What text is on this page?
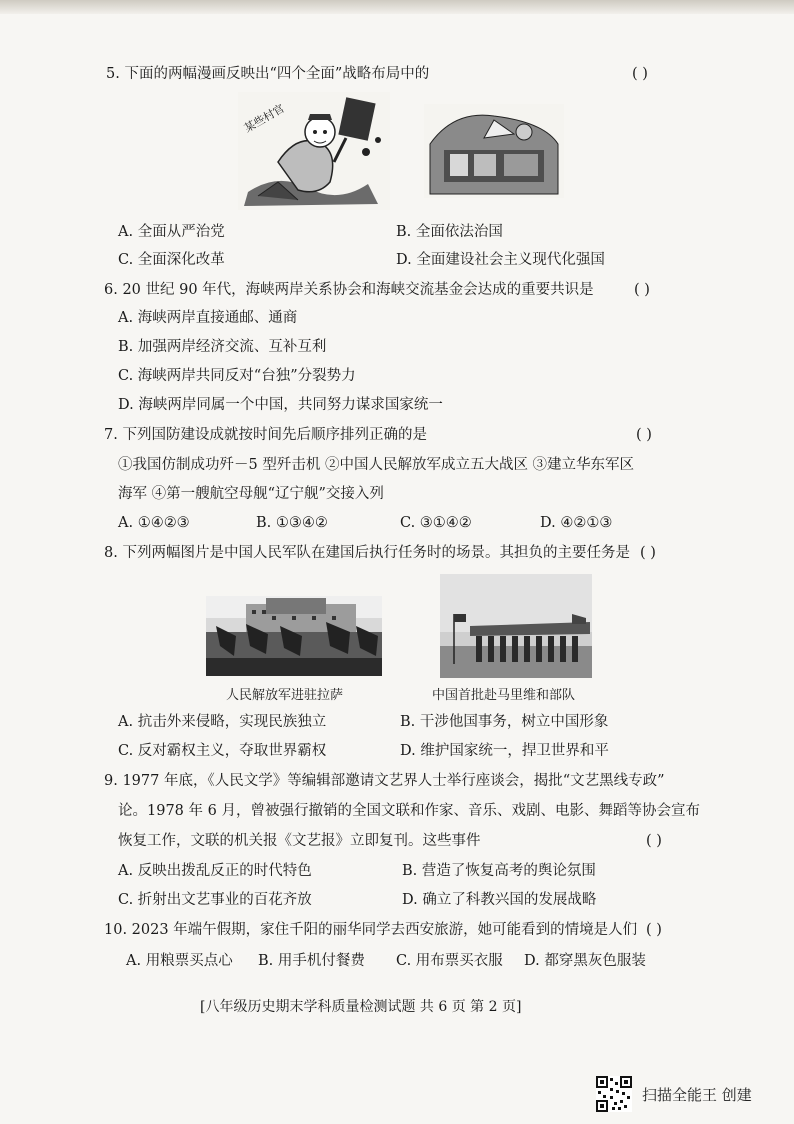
5. 下面的两幅漫画反映出“四个全面”战略布局中的	( )
某些村官
A. 全面从严治党	B. 全面依法治国
C. 全面深化改革	D. 全面建设社会主义现代化强国
6. 20 世纪 90 年代，海峡两岸关系协会和海峡交流基金会达成的重要共识是	( )
A. 海峡两岸直接通邮、通商
B. 加强两岸经济交流、互补互利
C. 海峡两岸共同反对“台独”分裂势力
D. 海峡两岸同属一个中国，共同努力谋求国家统一
7. 下列国防建设成就按时间先后顺序排列正确的是	( )
①我国仿制成功歼－5 型歼击机 ②中国人民解放军成立五大战区 ③建立华东军区
海军 ④第一艘航空母舰“辽宁舰”交接入列
A. ①④②③	B. ①③④②	C. ③①④②	D. ④②①③
8. 下列两幅图片是中国人民军队在建国后执行任务时的场景。其担负的主要任务是 ( )
人民解放军进驻拉萨	中国首批赴马里维和部队
A. 抗击外来侵略，实现民族独立	B. 干涉他国事务，树立中国形象
C. 反对霸权主义，夺取世界霸权	D. 维护国家统一，捍卫世界和平
9. 1977 年底，《人民文学》等编辑部邀请文艺界人士举行座谈会，揭批“文艺黑线专政”
论。1978 年 6 月，曾被强行撤销的全国文联和作家、音乐、戏剧、电影、舞蹈等协会宣布
恢复工作，文联的机关报《文艺报》立即复刊。这些事件	( )
A. 反映出拨乱反正的时代特色	B. 营造了恢复高考的舆论氛围
C. 折射出文艺事业的百花齐放	D. 确立了科教兴国的发展战略
10. 2023 年端午假期，家住千阳的丽华同学去西安旅游，她可能看到的情境是人们 ( )
A. 用粮票买点心 B. 用手机付餐费 C. 用布票买衣服 D. 都穿黑灰色服装
[八年级历史期末学科质量检测试题 共 6 页 第 2 页]
扫描全能王 创建
